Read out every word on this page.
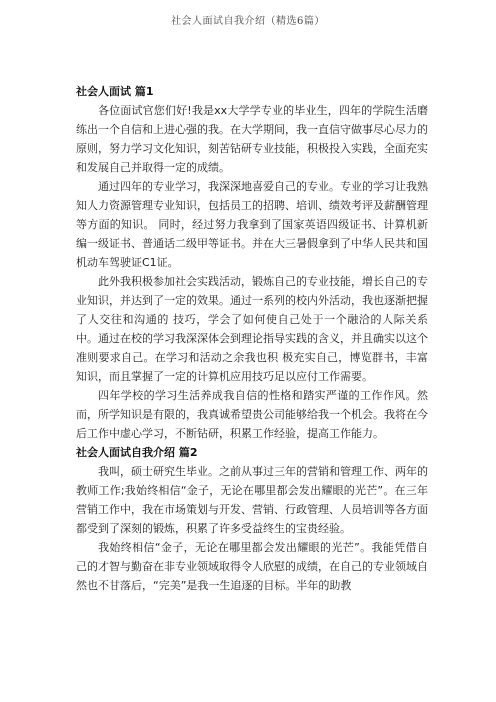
社会人面试自我介绍（精选6篇）

社会人面试 篇1

各位面试官您们好!我是xx大学学专业的毕业生，四年的学院生活磨练出一个自信和上进心强的我。在大学期间，我一直信守做事尽心尽力的原则，努力学习文化知识，刻苦钻研专业技能，积极投入实践，全面充实和发展自己并取得一定的成绩。

通过四年的专业学习，我深深地喜爱自己的专业。专业的学习让我熟知人力资源管理专业知识，包括员工的招聘、培训、绩效考评及薪酬管理等方面的知识。 同时，经过努力我拿到了国家英语四级证书、计算机新编一级证书、普通话二级甲等证书。并在大三暑假拿到了中华人民共和国机动车驾驶证C1证。

此外我积极参加社会实践活动，锻炼自己的专业技能，增长自己的专业知识，并达到了一定的效果。通过一系列的校内外活动，我也逐渐把握了人交往和沟通的 技巧，学会了如何使自己处于一个融洽的人际关系中。通过在校的学习我深深体会到理论指导实践的含义，并且确实以这个准则要求自己。在学习和活动之余我也积 极充实自己，博览群书，丰富知识，而且掌握了一定的计算机应用技巧足以应付工作需要。

四年学校的学习生活养成我自信的性格和踏实严谨的工作作风。然而，所学知识是有限的，我真诚希望贵公司能够给我一个机会。我将在今后工作中虚心学习，不断钻研，积累工作经验，提高工作能力。

社会人面试自我介绍 篇2

我叫，硕士研究生毕业。之前从事过三年的营销和管理工作、两年的教师工作;我始终相信“金子，无论在哪里都会发出耀眼的光芒”。在三年营销工作中，我在市场策划与开发、营销、行政管理、人员培训等各方面都受到了深刻的锻炼，积累了许多受益终生的宝贵经验。

我始终相信“金子，无论在哪里都会发出耀眼的光芒”。我能凭借自己的才智与勤奋在非专业领域取得令人欣慰的成绩，在自己的专业领域自然也不甘落后，“完美”是我一生追逐的目标。半年的助教
